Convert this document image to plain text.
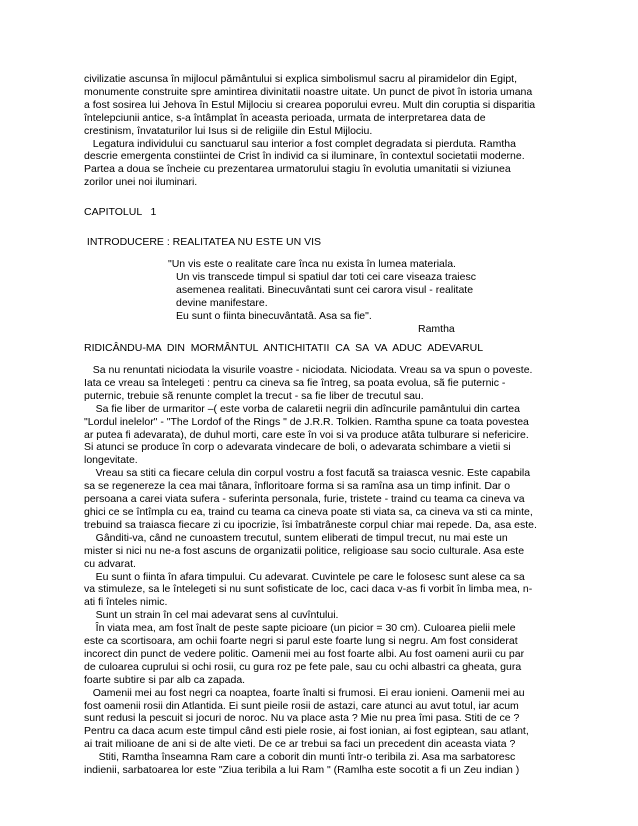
civilizatie ascunsa în mijlocul pământului si explica simbolismul sacru al piramidelor din Egipt,
monumente construite spre amintirea divinitatii noastre uitate. Un punct de pivot în istoria umana
a fost sosirea lui Jehova în Estul Mijlociu si crearea poporului evreu. Mult din coruptia si disparitia
întelepciunii antice, s-a întâmplat în aceasta perioada, urmata de interpretarea data de
crestinism, învataturilor lui Isus si de religiile din Estul Mijlociu.
Legatura individului cu sanctuarul sau interior a fost complet degradata si pierduta. Ramtha
descrie emergenta constiintei de Crist în individ ca si iluminare, în contextul societatii moderne.
Partea a doua se încheie cu prezentarea urmatorului stagiu în evolutia umanitatii si viziunea
zorilor unei noi iluminari.
CAPITOLUL   1
INTRODUCERE : REALITATEA NU ESTE UN VIS
"Un vis este o realitate care înca nu exista în lumea materiala.
Un vis transcede timpul si spatiul dar toti cei care viseaza traiesc
asemenea realitati. Binecuvântati sunt cei carora visul - realitate
devine manifestare.
Eu sunt o fiinta binecuvântatâ. Asa sa fie".
Ramtha
RIDICÂNDU-MA  DIN  MORMÂNTUL  ANTICHITATII  CA  SA  VA  ADUC  ADEVARUL
Sa nu renuntati niciodata la visurile voastre - niciodata. Niciodata. Vreau sa va spun o poveste.
Iata ce vreau sa întelegeti : pentru ca cineva sa fie întreg, sa poata evolua, sã fie puternic -
puternic, trebuie sã renunte complet la trecut - sa fie liber de trecutul sau.
Sa fie liber de urmaritor –( este vorba de calaretii negrii din adîncurile pamântului din cartea
"Lordul inelelor" - "The Lordof of the Rings " de J.R.R. Tolkien. Ramtha spune ca toata povestea
ar putea fi adevarata), de duhul morti, care este în voi si va produce atâta tulburare si nefericire.
Si atunci se produce în corp o adevarata vindecare de boli, o adevarata schimbare a vietii si
longevitate.
Vreau sa stiti ca fiecare celula din corpul vostru a fost facutã sa traiasca vesnic. Este capabila
sa se regenereze la cea mai tânara, înfloritoare forma si sa ramîna asa un timp infinit. Dar o
persoana a carei viata sufera - suferinta personala, furie, tristete - traind cu teama ca cineva va
ghici ce se întîmpla cu ea, traind cu teama ca cineva poate sti viata sa, ca cineva va sti ca minte,
trebuind sa traiasca fiecare zi cu ipocrizie, îsi îmbatrâneste corpul chiar mai repede. Da, asa este.
Gânditi-va, când ne cunoastem trecutul, suntem eliberati de timpul trecut, nu mai este un
mister si nici nu ne-a fost ascuns de organizatii politice, religioase sau socio culturale. Asa este
cu advarat.
Eu sunt o fiinta în afara timpului. Cu adevarat. Cuvintele pe care le folosesc sunt alese ca sa
va stimuleze, sa le întelegeti si nu sunt sofisticate de loc, caci daca v-as fi vorbit în limba mea, n-
ati fi înteles nimic.
Sunt un strain în cel mai adevarat sens al cuvîntului.
În viata mea, am fost înalt de peste sapte picioare (un picior = 30 cm). Culoarea pielii mele
este ca scortisoara, am ochii foarte negri si parul este foarte lung si negru. Am fost considerat
incorect din punct de vedere politic. Oamenii mei au fost foarte albi. Au fost oameni aurii cu par
de culoarea cuprului si ochi rosii, cu gura roz pe fete pale, sau cu ochi albastri ca gheata, gura
foarte subtire si par alb ca zapada.
Oamenii mei au fost negri ca noaptea, foarte înalti si frumosi. Ei erau ionieni. Oamenii mei au
fost oamenii rosii din Atlantida. Ei sunt pieile rosii de astazi, care atunci au avut totul, iar acum
sunt redusi la pescuit si jocuri de noroc. Nu va place asta ? Mie nu prea îmi pasa. Stiti de ce ?
Pentru ca daca acum este timpul când esti piele rosie, ai fost ionian, ai fost egiptean, sau atlant,
ai trait milioane de ani si de alte vieti. De ce ar trebui sa faci un precedent din aceasta viata ?
Stiti, Ramtha înseamna Ram care a coborit din munti într-o teribila zi. Asa ma sarbatoresc
indienii, sarbatoarea lor este "Ziua teribila a lui Ram " (Ramlha este socotit a fi un Zeu indian )
